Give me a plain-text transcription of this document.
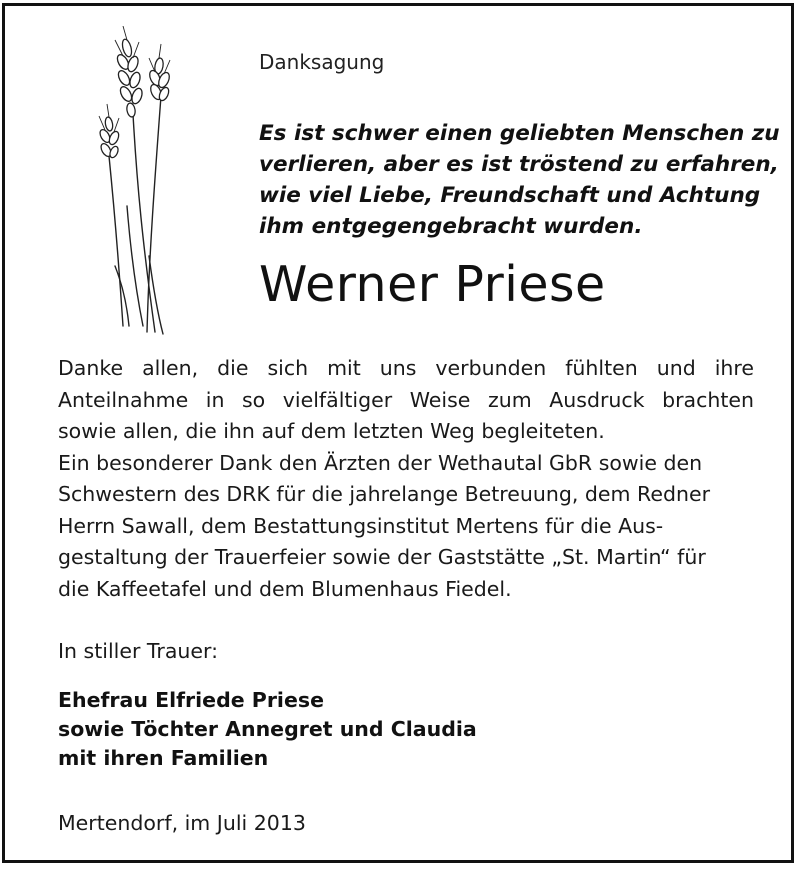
Danksagung
Es ist schwer einen geliebten Menschen zu
verlieren, aber es ist tröstend zu erfahren,
wie viel Liebe, Freundschaft und Achtung
ihm entgegengebracht wurden.
Werner Priese
Danke allen, die sich mit uns verbunden fühlten und ihre
Anteilnahme in so vielfältiger Weise zum Ausdruck brachten
sowie allen, die ihn auf dem letzten Weg begleiteten.
Ein besonderer Dank den Ärzten der Wethautal GbR sowie den
Schwestern des DRK für die jahrelange Betreuung, dem Redner
Herrn Sawall, dem Bestattungsinstitut Mertens für die Aus-
gestaltung der Trauerfeier sowie der Gaststätte „St. Martin“ für
die Kaffeetafel und dem Blumenhaus Fiedel.
In stiller Trauer:
Ehefrau Elfriede Priese
sowie Töchter Annegret und Claudia
mit ihren Familien
Mertendorf, im Juli 2013
